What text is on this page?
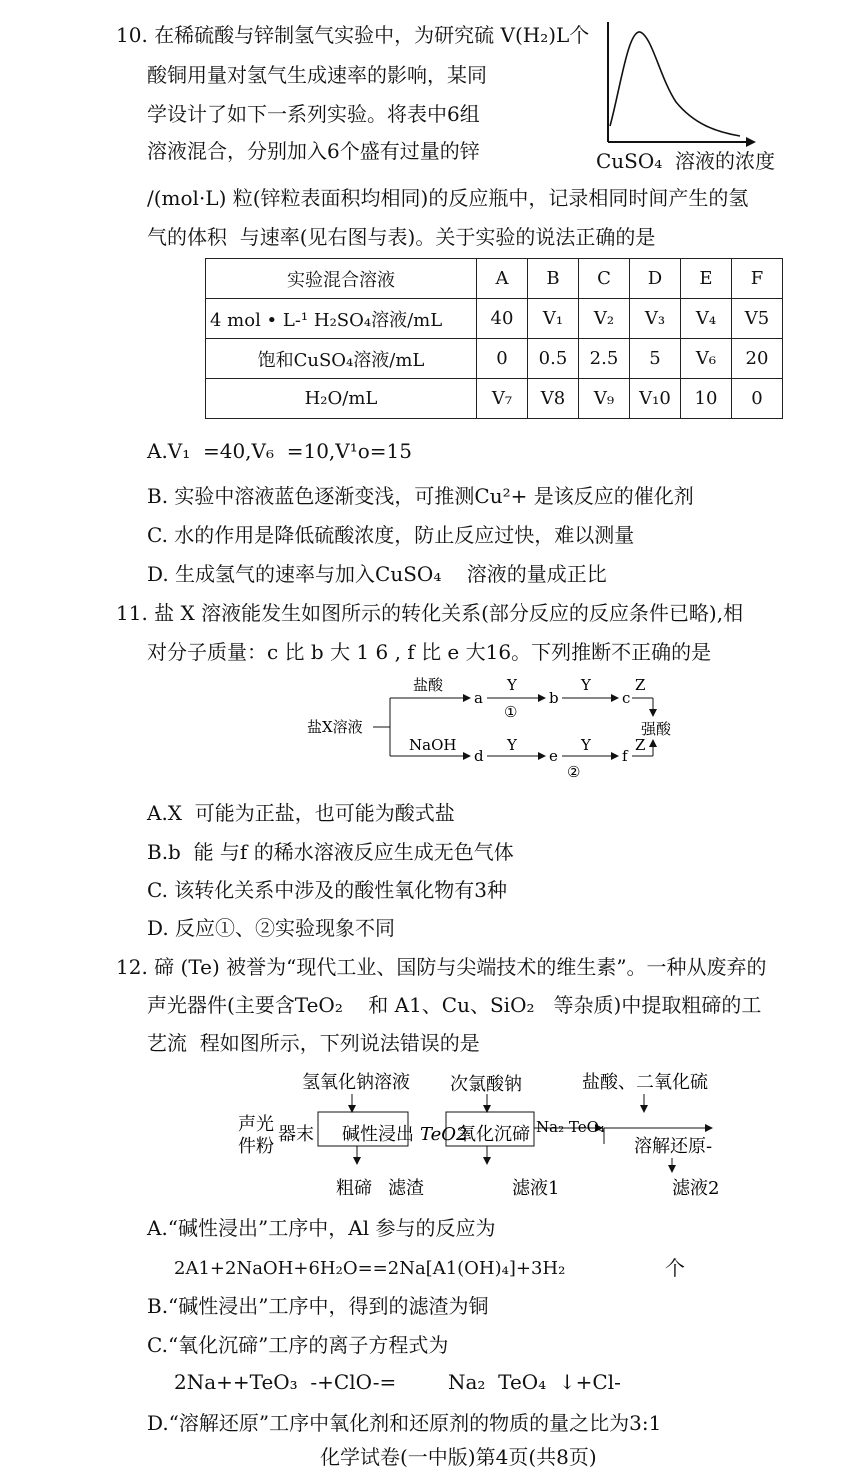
10. 在稀硫酸与锌制氢气实验中，为研究硫 V(H₂)L个
酸铜用量对氢气生成速率的影响，某同
学设计了如下一系列实验。将表中6组
溶液混合，分别加入6个盛有过量的锌	CuSO₄  溶液的浓度
/(mol·L) 粒(锌粒表面积均相同)的反应瓶中，记录相同时间产生的氢
气的体积  与速率(见右图与表)。关于实验的说法正确的是
实验混合溶液	A	B	C	D	E	F
4 mol • L-¹ H₂SO₄溶液/mL	40	V₁	V₂	V₃	V₄	V5
饱和CuSO₄溶液/mL	0	0.5	2.5	5	V₆	20
H₂O/mL	V₇	V8	V₉	V₁0	10	0
A.V₁  =40,V₆  =10,V¹o=15
B. 实验中溶液蓝色逐渐变浅，可推测Cu²+ 是该反应的催化剂
C. 水的作用是降低硫酸浓度，防止反应过快，难以测量
D. 生成氢气的速率与加入CuSO₄    溶液的量成正比
11. 盐 X 溶液能发生如图所示的转化关系(部分反应的反应条件已略),相
对分子质量：c 比 b 大 1 6 , f 比 e 大16。下列推断不正确的是
盐X溶液
盐酸
NaOH
a
d
Y
Y
①
b
e
Y
Y
②
c
f
Z
Z
强酸
A.X  可能为正盐，也可能为酸式盐
B.b  能 与f 的稀水溶液反应生成无色气体
C. 该转化关系中涉及的酸性氧化物有3种
D. 反应①、②实验现象不同
12. 碲 (Te) 被誉为“现代工业、国防与尖端技术的维生素”。一种从废弃的
声光器件(主要含TeO₂    和 A1、Cu、SiO₂   等杂质)中提取粗碲的工
艺流  程如图所示，下列说法错误的是
氢氧化钠溶液 次氯酸钠	盐酸、二氧化硫
声光
件粉
器末 碱性浸出 TeO2
氧化沉碲 Na₂ TeO₄
溶解还原-
粗碲 滤渣	滤液1	滤液2
A.“碱性浸出”工序中，Al 参与的反应为
2A1+2NaOH+6H₂O==2Na[A1(OH)₄]+3H₂	个
B.“碱性浸出”工序中，得到的滤渣为铜
C.“氧化沉碲”工序的离子方程式为
2Na++TeO₃  -+ClO-=	Na₂  TeO₄  ↓+Cl-
D.“溶解还原”工序中氧化剂和还原剂的物质的量之比为3:1
化学试卷(一中版)第4页(共8页)
